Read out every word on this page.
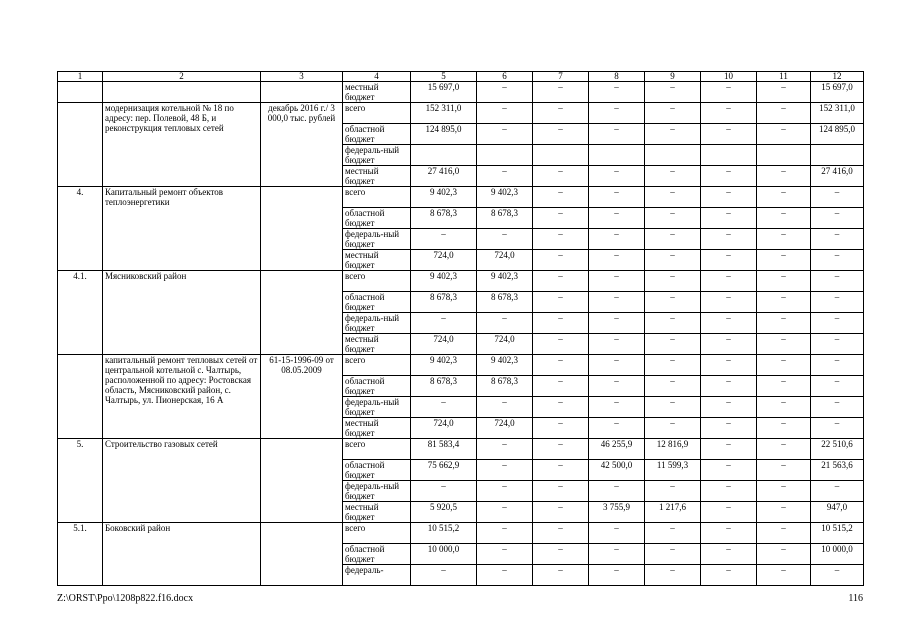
1	2	3	4	5	6	7	8	9	10	11	12
			местный бюджет	15 697,0	–	–	–	–	–	–	15 697,0
	модернизация котельной № 18 по адресу: пер. Полевой, 48 Б, и реконструкция тепловых сетей	декабрь 2016 г./ 3 000,0 тыс. рублей	всего	152 311,0	–	–	–	–	–	–	152 311,0
			областной бюджет	124 895,0	–	–	–	–	–	–	124 895,0
			федераль-ный бюджет								
			местный бюджет	27 416,0	–	–	–	–	–	–	27 416,0
4.	Капитальный ремонт объектов теплоэнергетики		всего	9 402,3	9 402,3	–	–	–	–	–	–
			областной бюджет	8 678,3	8 678,3	–	–	–	–	–	–
			федераль-ный бюджет	–	–	–	–	–	–	–	–
			местный бюджет	724,0	724,0	–	–	–	–	–	–
4.1.	Мясниковский район		всего	9 402,3	9 402,3	–	–	–	–	–	–
			областной бюджет	8 678,3	8 678,3	–	–	–	–	–	–
			федераль-ный бюджет	–	–	–	–	–	–	–	–
			местный бюджет	724,0	724,0	–	–	–	–	–	–
	капитальный ремонт тепловых сетей от центральной котельной с. Чалтырь, расположенной по адресу: Ростовская область, Мясниковский район, с. Чалтырь, ул. Пионерская, 16 А	61-15-1996-09 от 08.05.2009	всего	9 402,3	9 402,3	–	–	–	–	–	–
			областной бюджет	8 678,3	8 678,3	–	–	–	–	–	–
			федераль-ный бюджет	–	–	–	–	–	–	–	–
			местный бюджет	724,0	724,0	–	–	–	–	–	–
5.	Строительство газовых сетей		всего	81 583,4	–	–	46 255,9	12 816,9	–	–	22 510,6
			областной бюджет	75 662,9	–	–	42 500,0	11 599,3	–	–	21 563,6
			федераль-ный бюджет	–	–	–	–	–	–	–	–
			местный бюджет	5 920,5	–	–	3 755,9	1 217,6	–	–	947,0
5.1.	Боковский район		всего	10 515,2	–	–	–	–	–	–	10 515,2
			областной бюджет	10 000,0	–	–	–	–	–	–	10 000,0
			федераль-	–	–	–	–	–	–	–	–
Z:\ORST\Ppo\1208p822.f16.docx	116
